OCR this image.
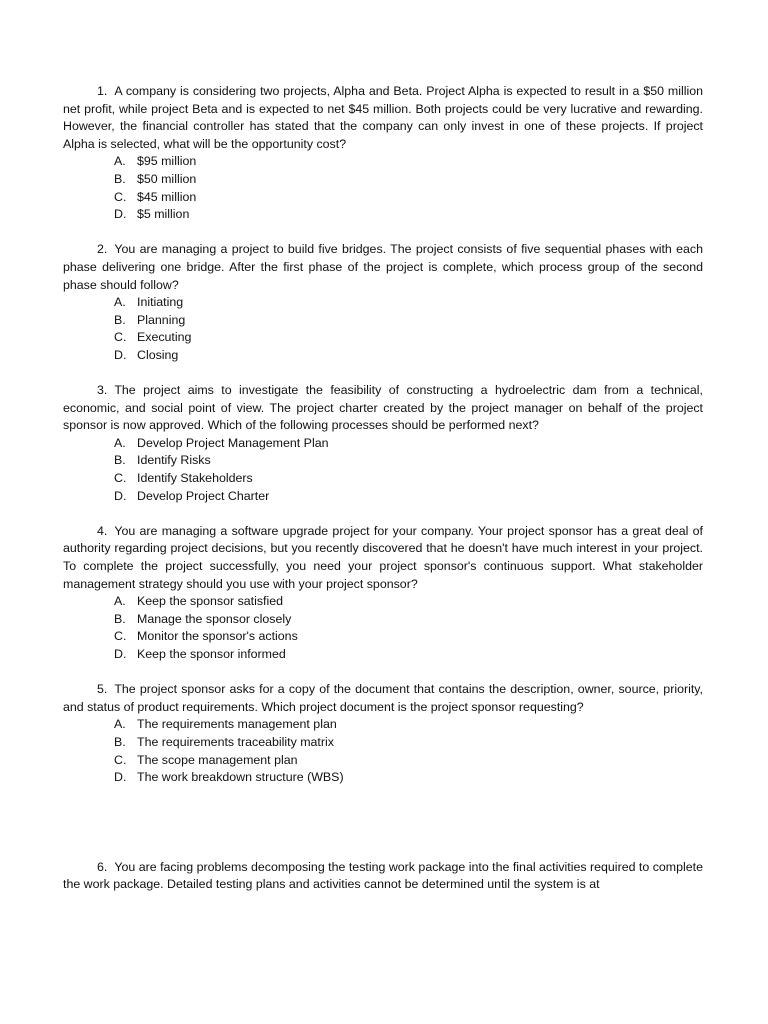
1. A company is considering two projects, Alpha and Beta. Project Alpha is expected to result in a $50 million net profit, while project Beta and is expected to net $45 million. Both projects could be very lucrative and rewarding. However, the financial controller has stated that the company can only invest in one of these projects. If project Alpha is selected, what will be the opportunity cost?

A. $95 million
B. $50 million
C. $45 million
D. $5 million

2. You are managing a project to build five bridges. The project consists of five sequential phases with each phase delivering one bridge. After the first phase of the project is complete, which process group of the second phase should follow?

A. Initiating
B. Planning
C. Executing
D. Closing

3. The project aims to investigate the feasibility of constructing a hydroelectric dam from a technical, economic, and social point of view. The project charter created by the project manager on behalf of the project sponsor is now approved. Which of the following processes should be performed next?

A. Develop Project Management Plan
B. Identify Risks
C. Identify Stakeholders
D. Develop Project Charter

4. You are managing a software upgrade project for your company. Your project sponsor has a great deal of authority regarding project decisions, but you recently discovered that he doesn't have much interest in your project. To complete the project successfully, you need your project sponsor's continuous support. What stakeholder management strategy should you use with your project sponsor?

A. Keep the sponsor satisfied
B. Manage the sponsor closely
C. Monitor the sponsor's actions
D. Keep the sponsor informed

5. The project sponsor asks for a copy of the document that contains the description, owner, source, priority, and status of product requirements. Which project document is the project sponsor requesting?

A. The requirements management plan
B. The requirements traceability matrix
C. The scope management plan
D. The work breakdown structure (WBS)

6. You are facing problems decomposing the testing work package into the final activities required to complete the work package. Detailed testing plans and activities cannot be determined until the system is at
